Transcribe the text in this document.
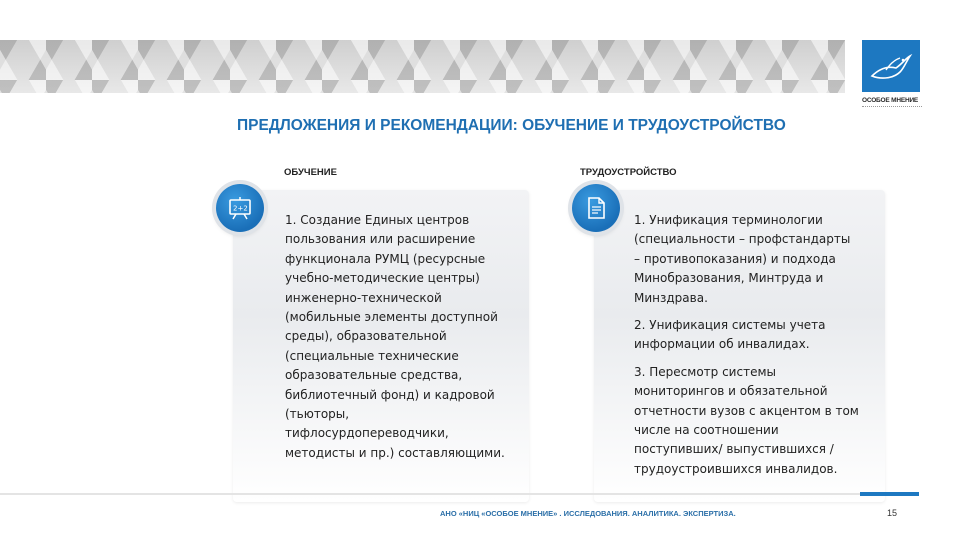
ОСОБОЕ МНЕНИЕ
ПРЕДЛОЖЕНИЯ И РЕКОМЕНДАЦИИ: ОБУЧЕНИЕ И ТРУДОУСТРОЙСТВО
ОБУЧЕНИЕ	ТРУДОУСТРОЙСТВО
2+2

1. Создание Единых центров пользования или расширение функционала РУМЦ (ресурсные учебно-методические центры) инженерно-технической (мобильные элементы доступной среды), образовательной (специальные технические образовательные средства, библиотечный фонд) и кадровой (тьюторы, тифлосурдопереводчики, методисты и пр.) составляющими.

1. Унификация терминологии (специальности – профстандарты – противопоказания) и подхода Минобразования, Минтруда и Минздрава.

2. Унификация системы учета информации об инвалидах.

3. Пересмотр системы мониторингов и обязательной отчетности вузов с акцентом в том числе на соотношении поступивших/ выпустившихся / трудоустроившихся инвалидов.

АНО «НИЦ «ОСОБОЕ МНЕНИЕ» . ИССЛЕДОВАНИЯ. АНАЛИТИКА. ЭКСПЕРТИЗА.	15
